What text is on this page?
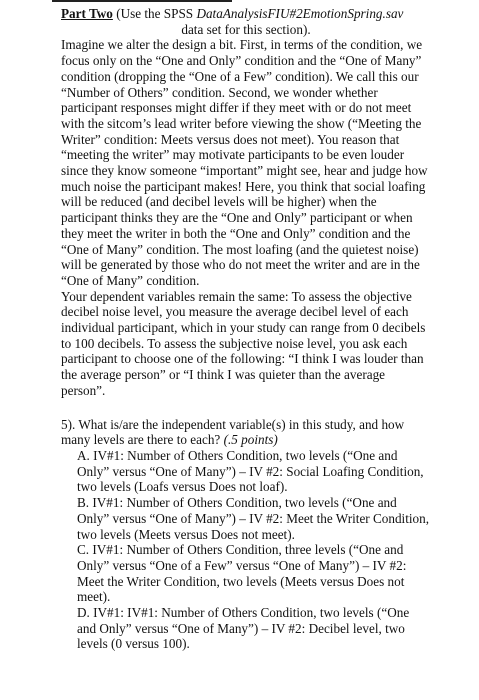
Part Two (Use the SPSS DataAnalysisFIU#2EmotionSpring.sav

data set for this section).

Imagine we alter the design a bit. First, in terms of the condition, we focus only on the “One and Only” condition and the “One of Many” condition (dropping the “One of a Few” condition). We call this our “Number of Others” condition. Second, we wonder whether participant responses might differ if they meet with or do not meet with the sitcom’s lead writer before viewing the show (“Meeting the Writer” condition: Meets versus does not meet). You reason that “meeting the writer” may motivate participants to be even louder since they know someone “important” might see, hear and judge how much noise the participant makes! Here, you think that social loafing will be reduced (and decibel levels will be higher) when the participant thinks they are the “One and Only” participant or when they meet the writer in both the “One and Only” condition and the “One of Many” condition. The most loafing (and the quietest noise) will be generated by those who do not meet the writer and are in the “One of Many” condition.

Your dependent variables remain the same: To assess the objective decibel noise level, you measure the average decibel level of each individual participant, which in your study can range from 0 decibels to 100 decibels. To assess the subjective noise level, you ask each participant to choose one of the following: “I think I was louder than the average person” or “I think I was quieter than the average person”.

5). What is/are the independent variable(s) in this study, and how many levels are there to each? (.5 points)

A. IV#1: Number of Others Condition, two levels (“One and Only” versus “One of Many”) – IV #2: Social Loafing Condition, two levels (Loafs versus Does not loaf).

B. IV#1: Number of Others Condition, two levels (“One and Only” versus “One of Many”) – IV #2: Meet the Writer Condition, two levels (Meets versus Does not meet).

C. IV#1: Number of Others Condition, three levels (“One and Only” versus “One of a Few” versus “One of Many”) – IV #2: Meet the Writer Condition, two levels (Meets versus Does not meet).

D. IV#1: IV#1: Number of Others Condition, two levels (“One and Only” versus “One of Many”) – IV #2: Decibel level, two levels (0 versus 100).
